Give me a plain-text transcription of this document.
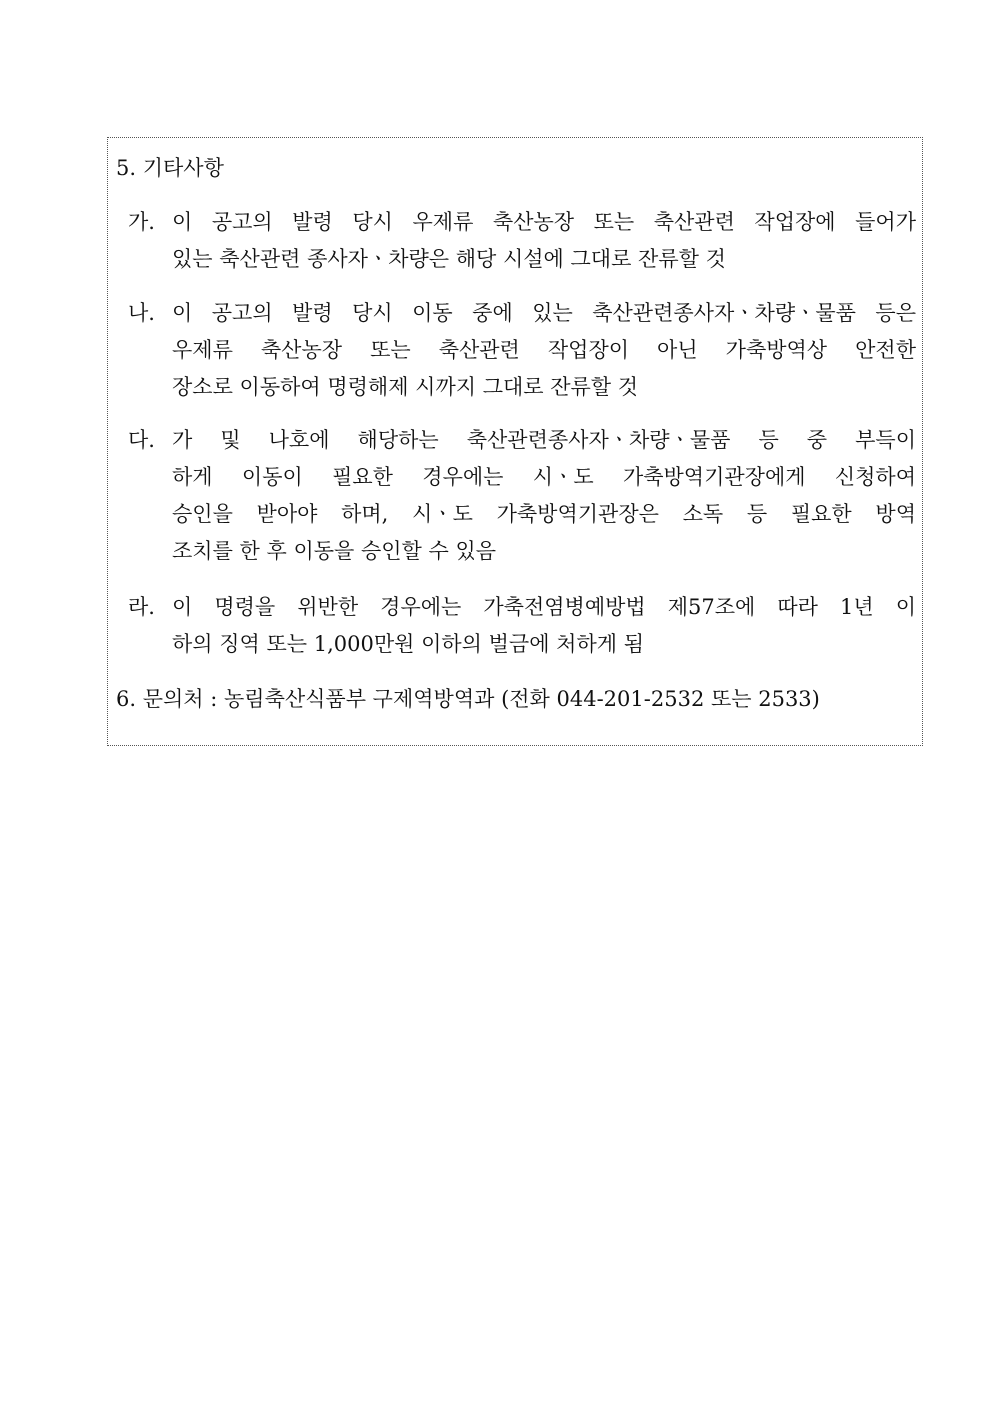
5. 기타사항
가. 이 공고의 발령 당시 우제류 축산농장 또는 축산관련 작업장에 들어가
있는 축산관련 종사자ㆍ차량은 해당 시설에 그대로 잔류할 것
나. 이 공고의 발령 당시 이동 중에 있는 축산관련종사자ㆍ차량ㆍ물품 등은
우제류 축산농장 또는 축산관련 작업장이 아닌 가축방역상 안전한
장소로 이동하여 명령해제 시까지 그대로 잔류할 것
다. 가 및 나호에 해당하는 축산관련종사자ㆍ차량ㆍ물품 등 중 부득이
하게 이동이 필요한 경우에는 시ㆍ도 가축방역기관장에게 신청하여
승인을 받아야 하며, 시ㆍ도 가축방역기관장은 소독 등 필요한 방역
조치를 한 후 이동을 승인할 수 있음
라. 이 명령을 위반한 경우에는 가축전염병예방법 제57조에 따라 1년 이
하의 징역 또는 1,000만원 이하의 벌금에 처하게 됨
6. 문의처 : 농림축산식품부 구제역방역과 (전화 044-201-2532 또는 2533)
